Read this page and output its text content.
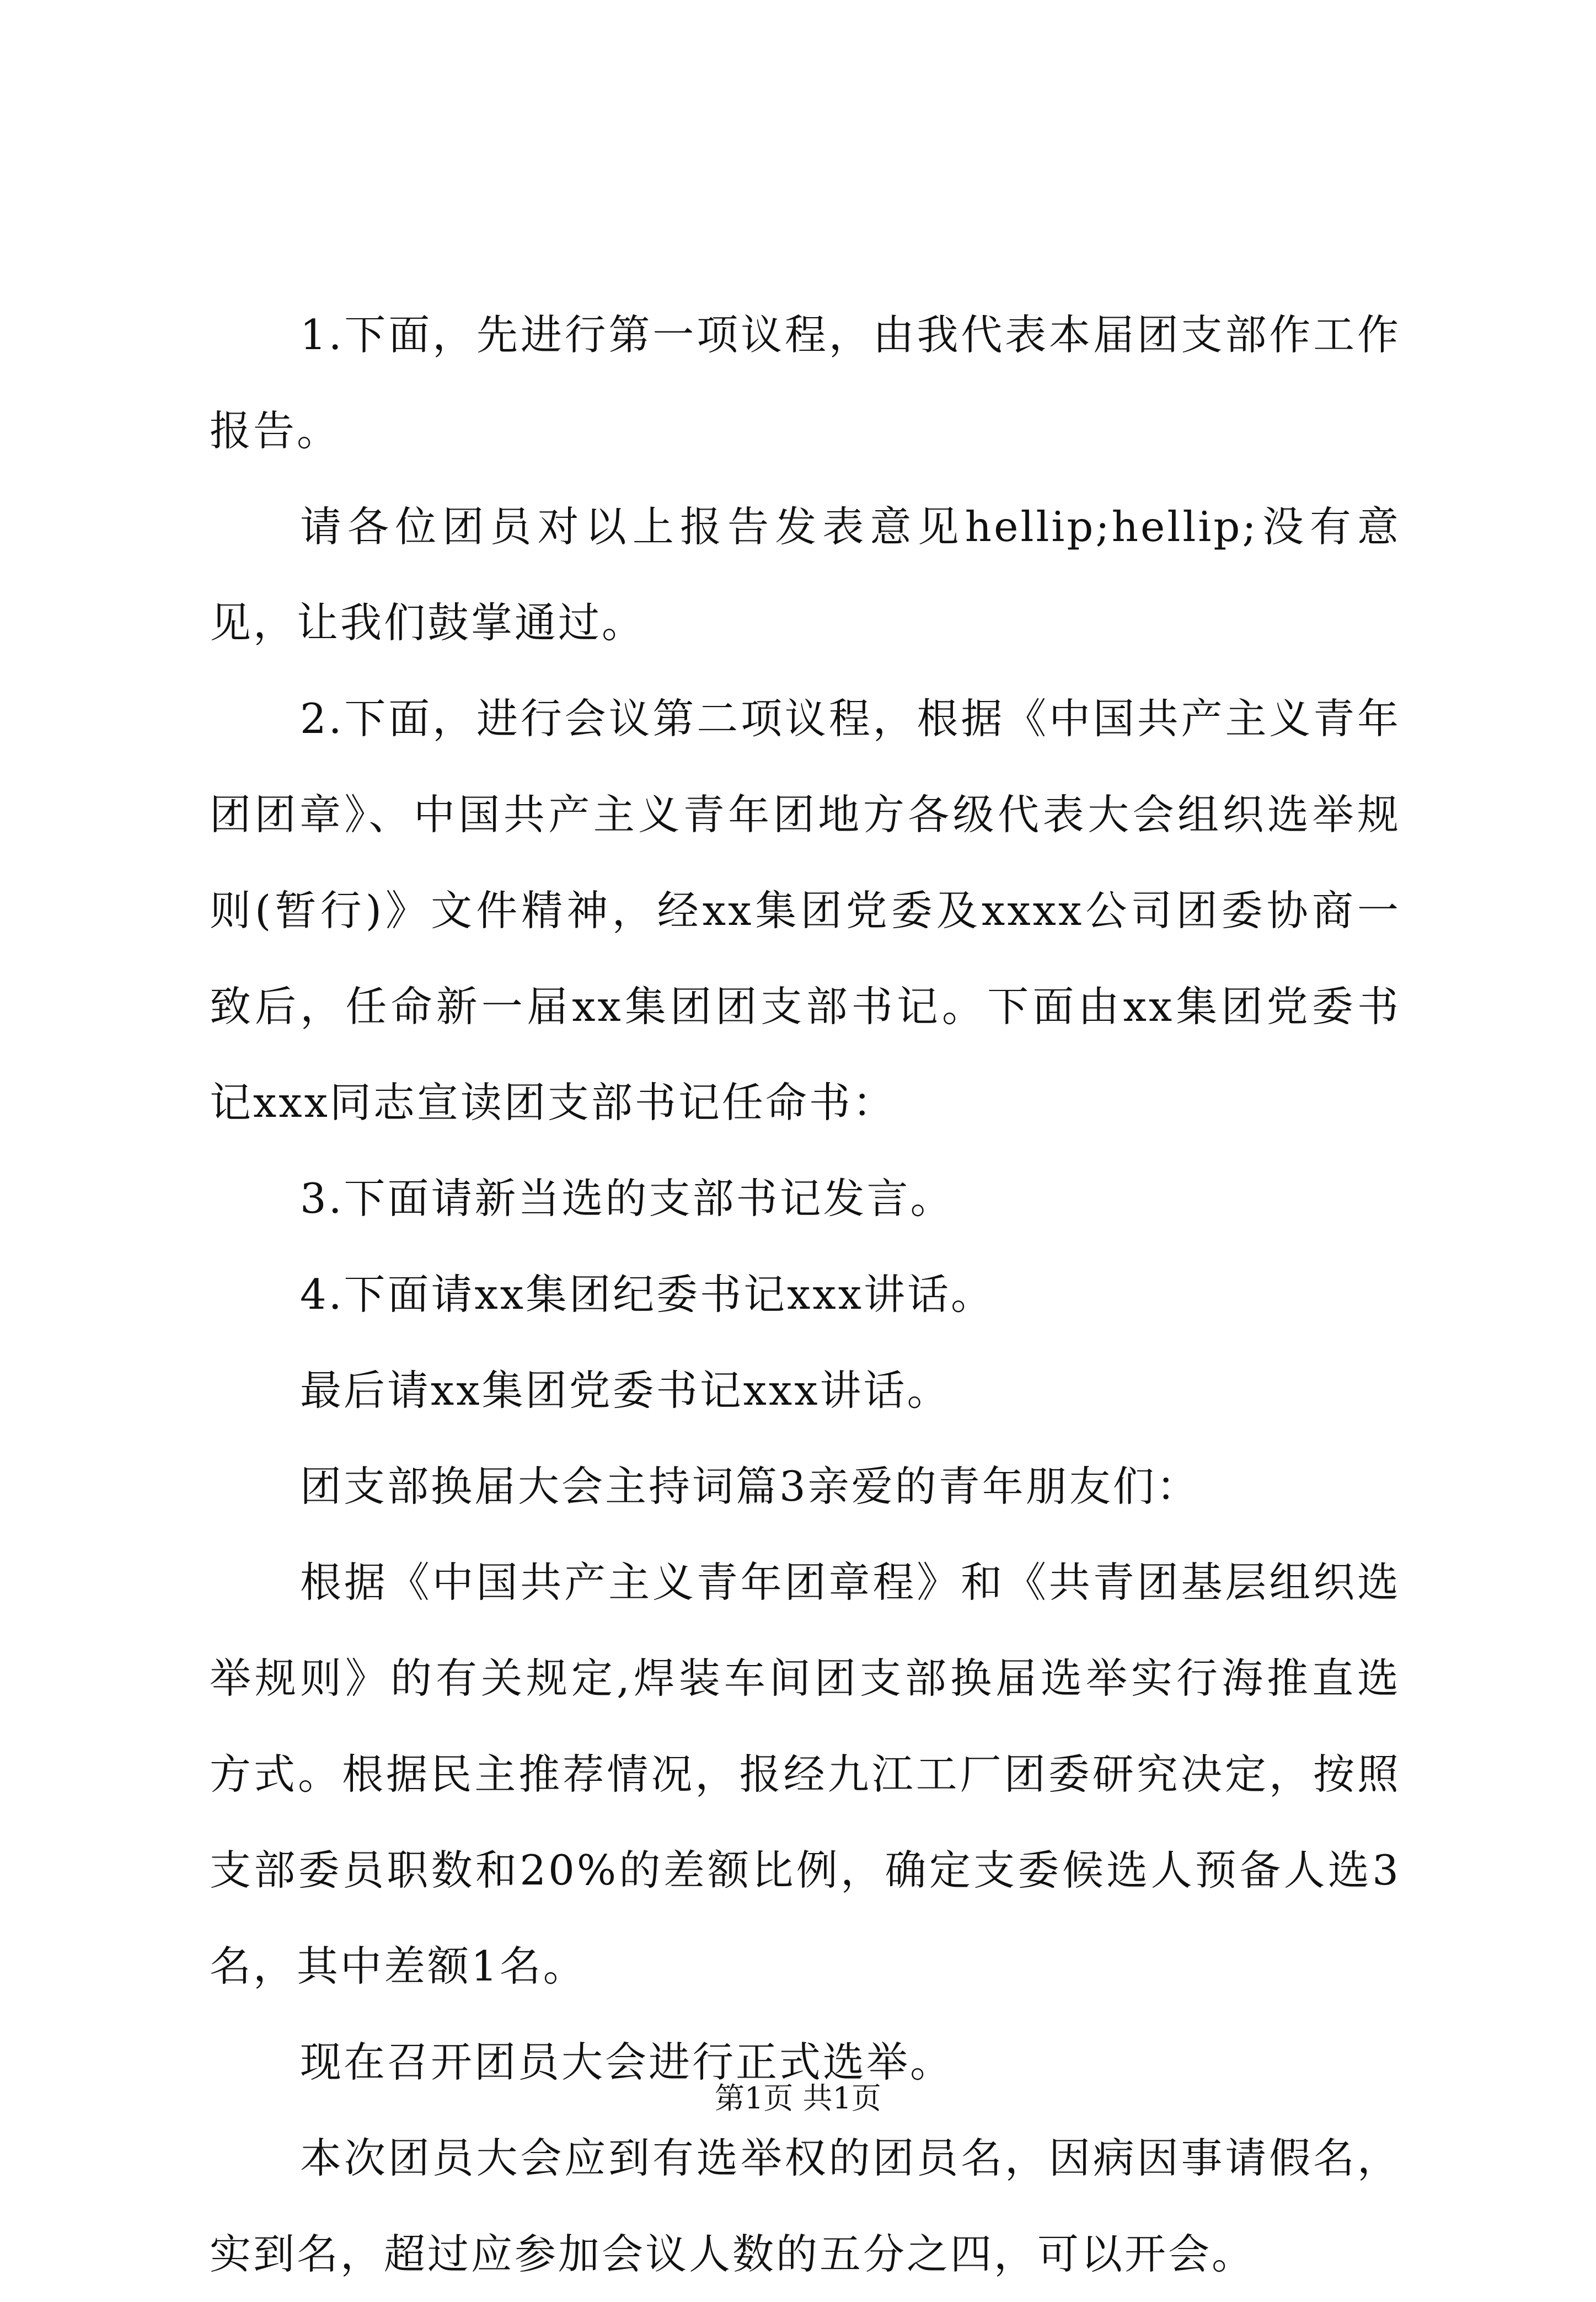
1.下面，先进行第一项议程，由我代表本届团支部作工作报告。

请各位团员对以上报告发表意见hellip;hellip;没有意见，让我们鼓掌通过。

2.下面，进行会议第二项议程，根据《中国共产主义青年团团章》、中国共产主义青年团地方各级代表大会组织选举规则(暂行)》文件精神，经xx集团党委及xxxx公司团委协商一致后，任命新一届xx集团团支部书记。下面由xx集团党委书记xxx同志宣读团支部书记任命书：

3.下面请新当选的支部书记发言。

4.下面请xx集团纪委书记xxx讲话。

最后请xx集团党委书记xxx讲话。

团支部换届大会主持词篇3亲爱的青年朋友们：

根据《中国共产主义青年团章程》和《共青团基层组织选举规则》的有关规定,焊装车间团支部换届选举实行海推直选方式。根据民主推荐情况，报经九江工厂团委研究决定，按照支部委员职数和20%的差额比例，确定支委候选人预备人选3名，其中差额1名。

现在召开团员大会进行正式选举。

本次团员大会应到有选举权的团员名，因病因事请假名，实到名，超过应参加会议人数的五分之四，可以开会。

第1页 共1页
